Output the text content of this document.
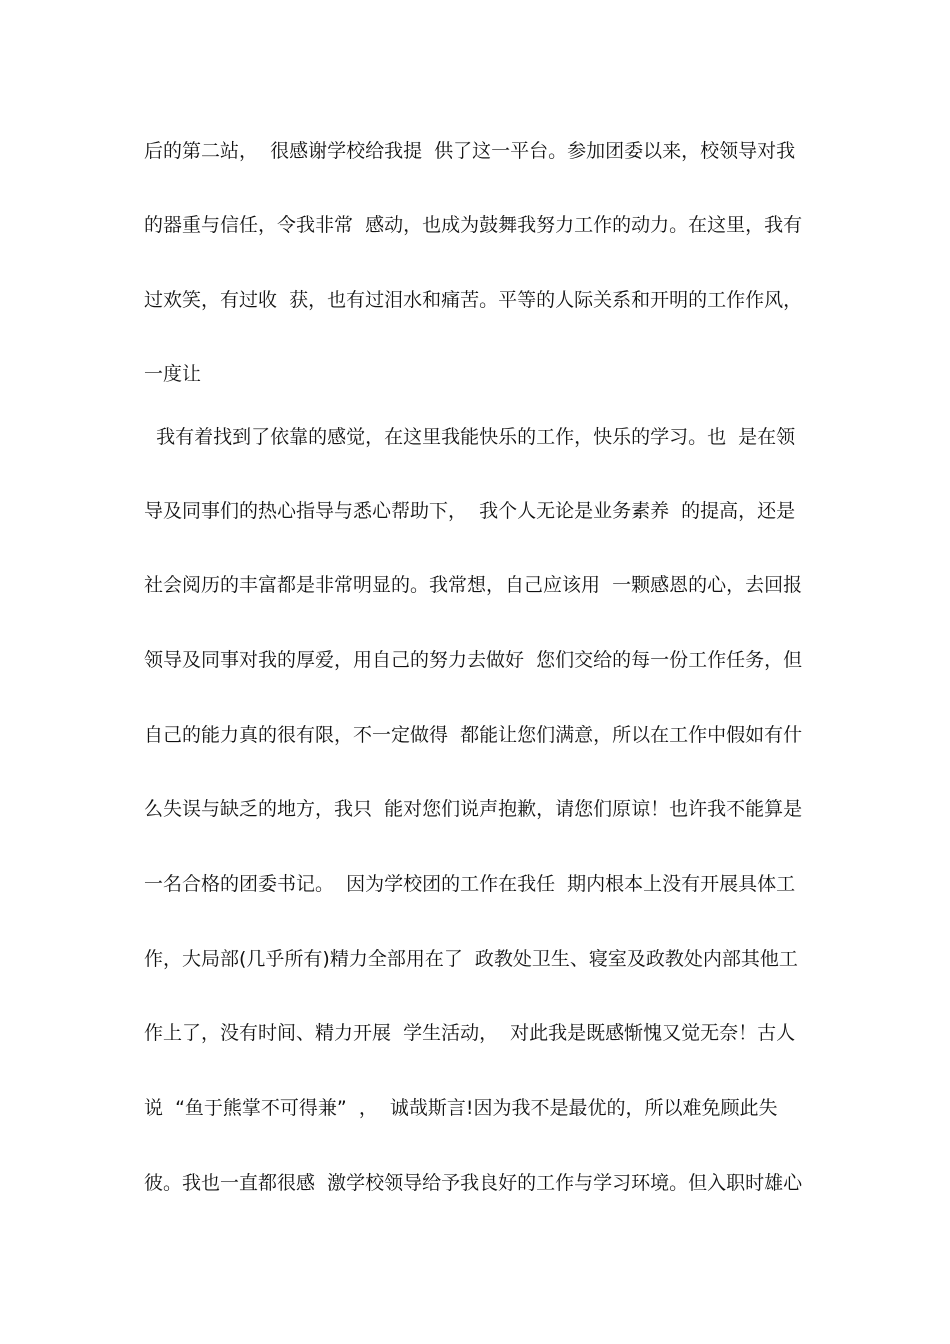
后的第二站，  很感谢学校给我提  供了这一平台。参加团委以来，校领导对我
的器重与信任，令我非常  感动，也成为鼓舞我努力工作的动力。在这里，我有
过欢笑，有过收  获，也有过泪水和痛苦。平等的人际关系和开明的工作作风，
一度让
我有着找到了依靠的感觉，在这里我能快乐的工作，快乐的学习。也  是在领
导及同事们的热心指导与悉心帮助下，  我个人无论是业务素养  的提高，还是
社会阅历的丰富都是非常明显的。我常想，自己应该用  一颗感恩的心，去回报
领导及同事对我的厚爱，用自己的努力去做好  您们交给的每一份工作任务，但
自己的能力真的很有限，不一定做得  都能让您们满意，所以在工作中假如有什
么失误与缺乏的地方，我只  能对您们说声抱歉，请您们原谅！也许我不能算是
一名合格的团委书记。  因为学校团的工作在我任  期内根本上没有开展具体工
作，大局部(几乎所有)精力全部用在了  政教处卫生、寝室及政教处内部其他工
作上了，没有时间、精力开展  学生活动，  对此我是既感惭愧又觉无奈！古人
说  “鱼于熊掌不可得兼”  ，  诚哉斯言!因为我不是最优的，所以难免顾此失
彼。我也一直都很感  激学校领导给予我良好的工作与学习环境。但入职时雄心
